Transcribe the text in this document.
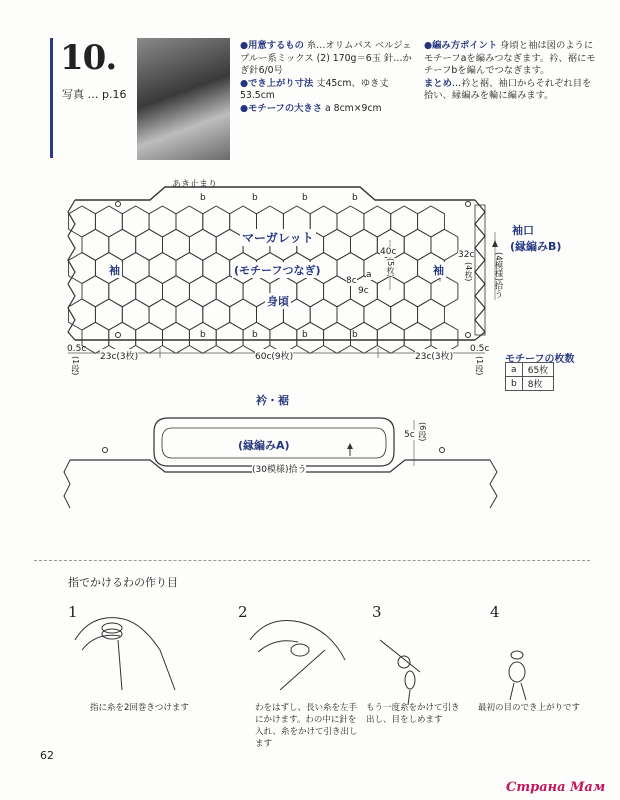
10.
写真 … p.16
●用意するもの 糸…オリムパス ベルジェ プルー系ミックス (2) 170g＝6玉 針…かぎ針6/0号
●でき上がり寸法 丈45cm、ゆき丈53.5cm
●モチーフの大きさ a 8cm×9cm
●編み方ポイント 身頃と袖は図のようにモチーフaを編みつなぎます。衿、裾にモチーフbを編んでつなぎます。
まとめ…衿と裾、袖口からそれぞれ目を拾い、縁編みを輪に編みます。
あき止まり
マーガレット
(モチーフつなぎ)
身頃
袖	袖
袖口
(縁編みB)
(4模様)拾う
40c
(5枚)
32c
(4枚)
8c
9c
a
b	b	b	b
b	b	b	b
0.5c
(1段) 23c(3枚)	60c(9枚)	23c(3枚)
0.5c
(1段) モチーフの枚数
a	65枚
b	8枚
衿・裾
(縁編みA)
5c (6段)
(30模様)拾う
指でかけるわの作り目
1	2	3	4
指に糸を2回巻きつけます	わをはずし、長い糸を左手にかけます。わの中に針を入れ、糸をかけて引き出します
もう一度糸をかけて引き出し、目をしめます
最初の目のでき上がりです
62
Страна Мам
